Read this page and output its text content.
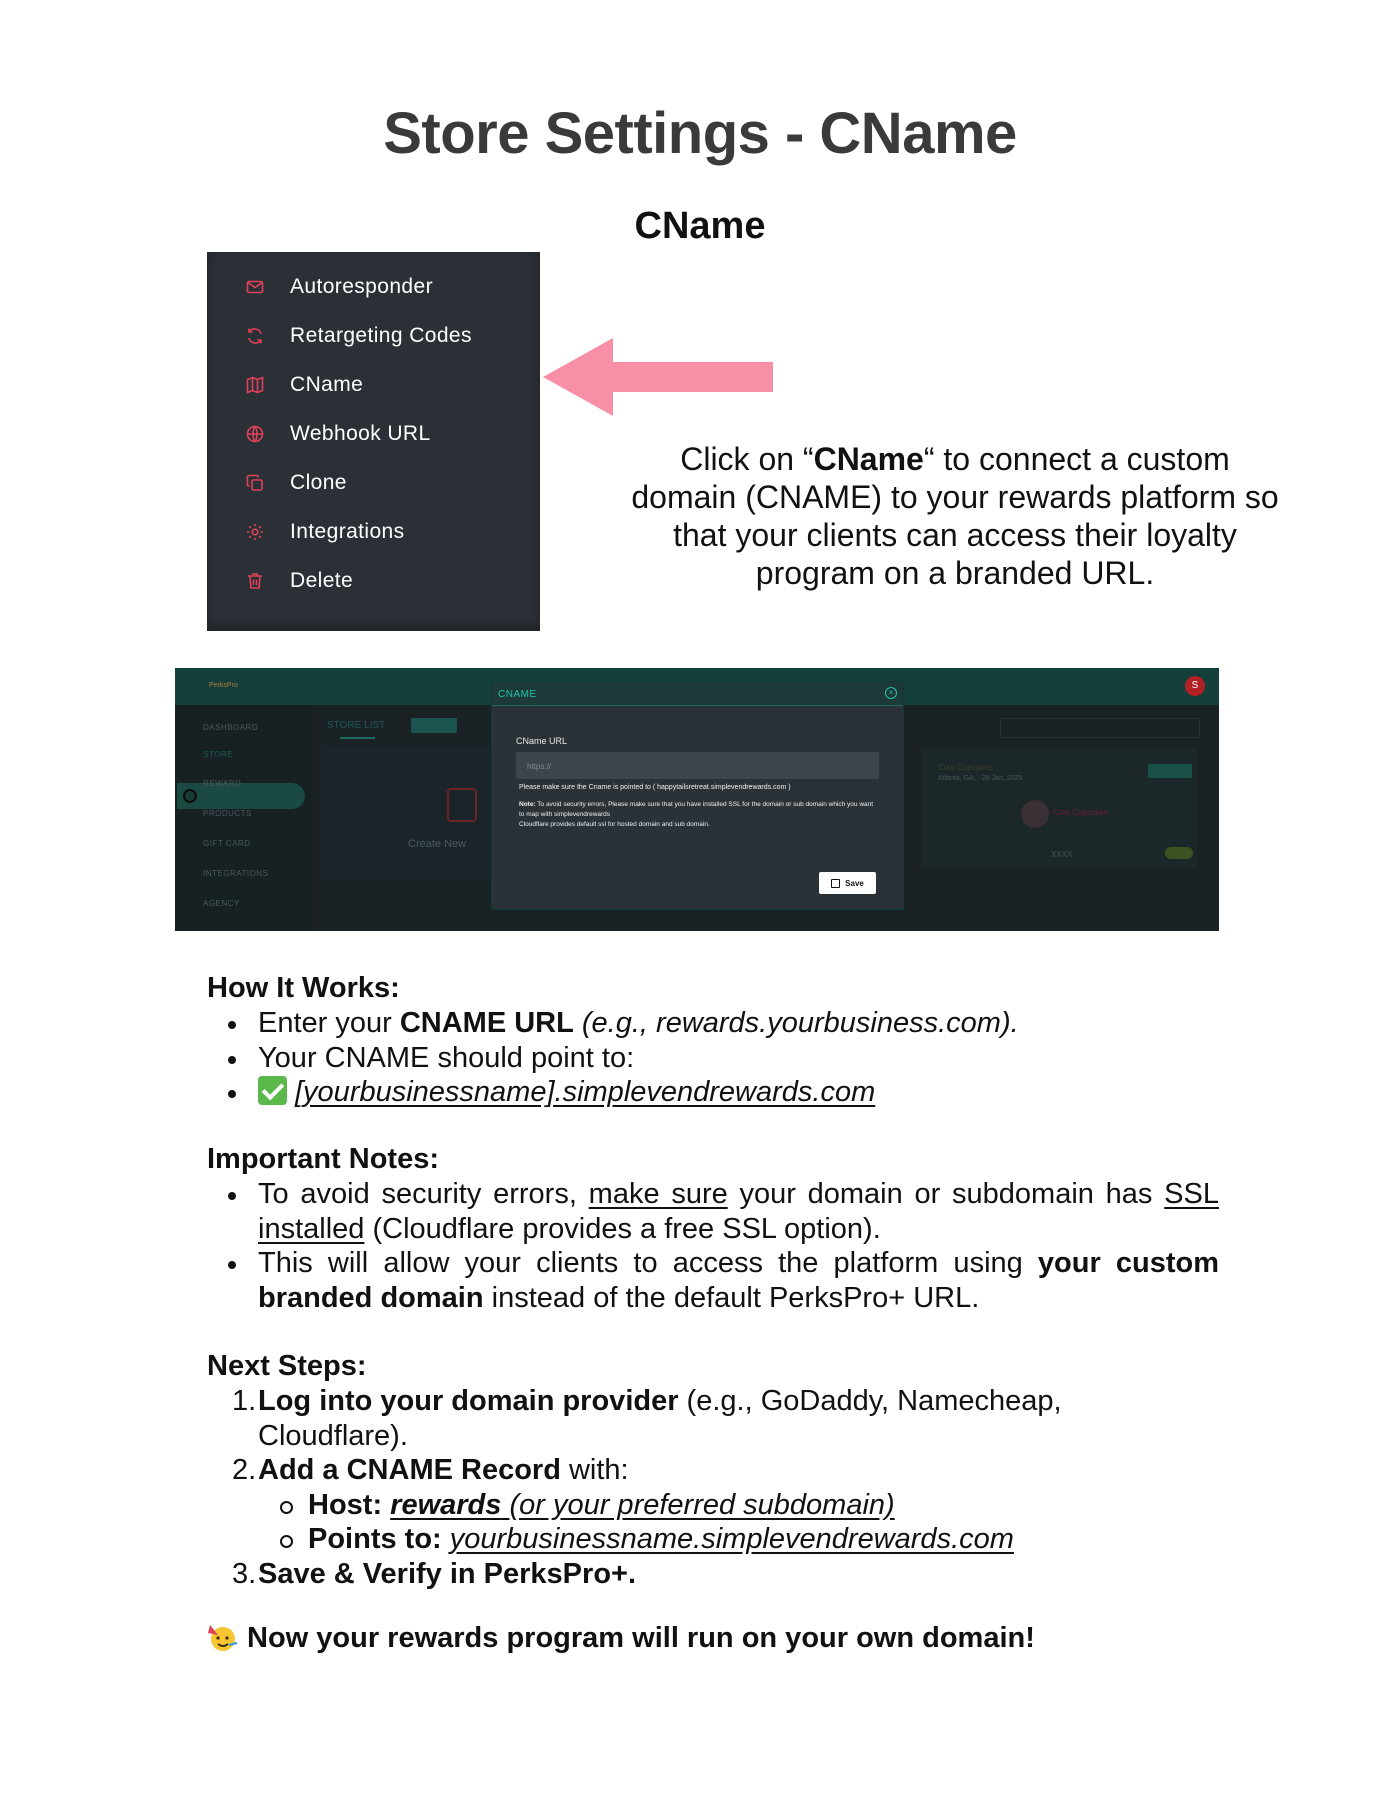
Store Settings - CName
CName
Autoresponder
Retargeting Codes
CName
Webhook URL
Clone
Integrations
Delete
Click on “CName“ to connect a custom domain (CNAME) to your rewards platform so that your clients can access their loyalty program on a branded URL.
PerksPro	S
DASHBOARD
STORE
REWARD
PRODUCTS
GIFT CARD
INTEGRATIONS
AGENCY
STORE LIST
Create New
Cute Cupcakes
Atlanta, GA, · 28 Jan, 2025
Cute Cupcakes
XXXX
CNAME	×
CName URL
https://
Please make sure the Cname is pointed to ( happytailsretreat.simplevendrewards.com )
Note: To avoid security errors, Please make sure that you have installed SSL for the domain or sub domain which you want to map with simplevendrewards
Cloudflare provides default ssl for hosted domain and sub domain.
Save
How It Works:
Enter your CNAME URL (e.g., rewards.yourbusiness.com).
Your CNAME should point to:
[yourbusinessname].simplevendrewards.com
Important Notes:
To avoid security errors, make sure your domain or subdomain has SSL installed (Cloudflare provides a free SSL option).
This will allow your clients to access the platform using your custom branded domain instead of the default PerksPro+ URL.
Next Steps:
1. Log into your domain provider (e.g., GoDaddy, Namecheap, Cloudflare).
2. Add a CNAME Record with:
Host: rewards (or your preferred subdomain)
Points to: yourbusinessname.simplevendrewards.com
3. Save & Verify in PerksPro+.
Now your rewards program will run on your own domain!
